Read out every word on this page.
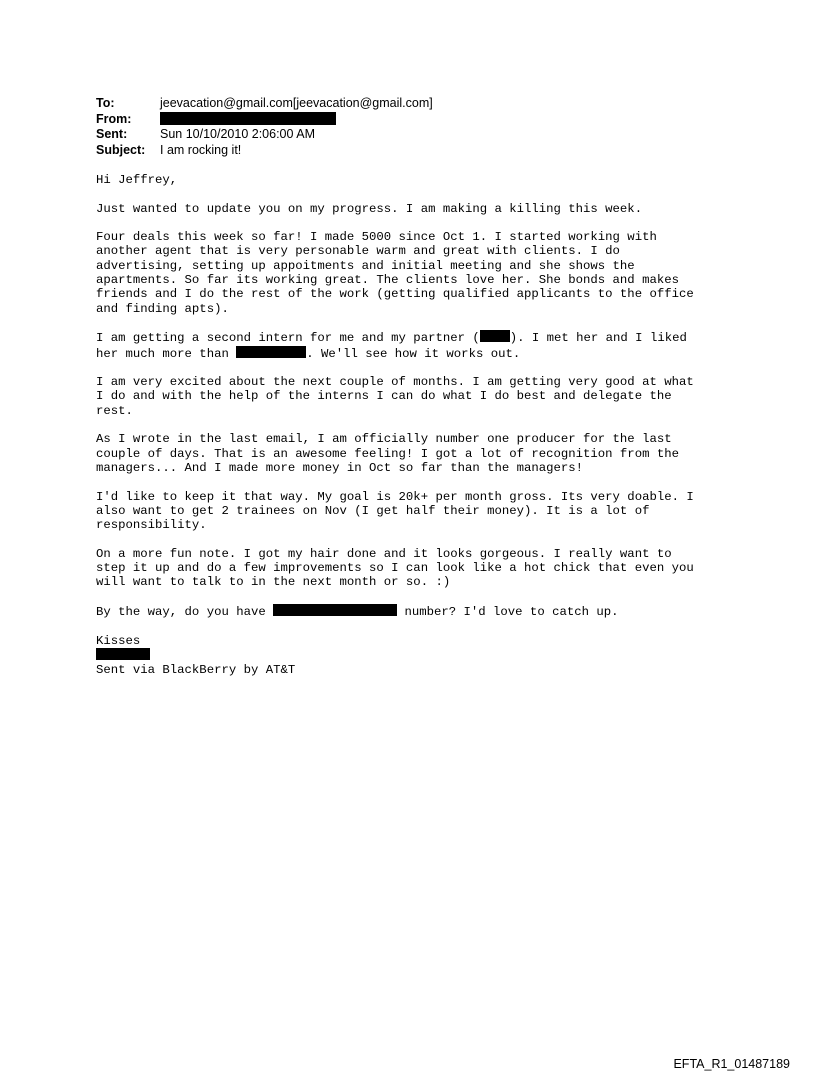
To:	jeevacation@gmail.com[jeevacation@gmail.com]
From:
Sent:	Sun 10/10/2010 2:06:00 AM
Subject:	I am rocking it!

Hi Jeffrey,

Just wanted to update you on my progress. I am making a killing this week.

Four deals this week so far! I made 5000 since Oct 1. I started working with
another agent that is very personable warm and great with clients. I do
advertising, setting up appoitments and initial meeting and she shows the
apartments. So far its working great. The clients love her. She bonds and makes
friends and I do the rest of the work (getting qualified applicants to the office
and finding apts).

I am getting a second intern for me and my partner ( ). I met her and I liked
her much more than	. We'll see how it works out.

I am very excited about the next couple of months. I am getting very good at what
I do and with the help of the interns I can do what I do best and delegate the
rest.

As I wrote in the last email, I am officially number one producer for the last
couple of days. That is an awesome feeling! I got a lot of recognition from the
managers... And I made more money in Oct so far than the managers!

I'd like to keep it that way. My goal is 20k+ per month gross. Its very doable. I
also want to get 2 trainees on Nov (I get half their money). It is a lot of
responsibility.

On a more fun note. I got my hair done and it looks gorgeous. I really want to
step it up and do a few improvements so I can look like a hot chick that even you
will want to talk to in the next month or so. :)

By the way, do you have	number? I'd love to catch up.

Kisses
Sent via BlackBerry by AT&T

EFTA_R1_01487189
